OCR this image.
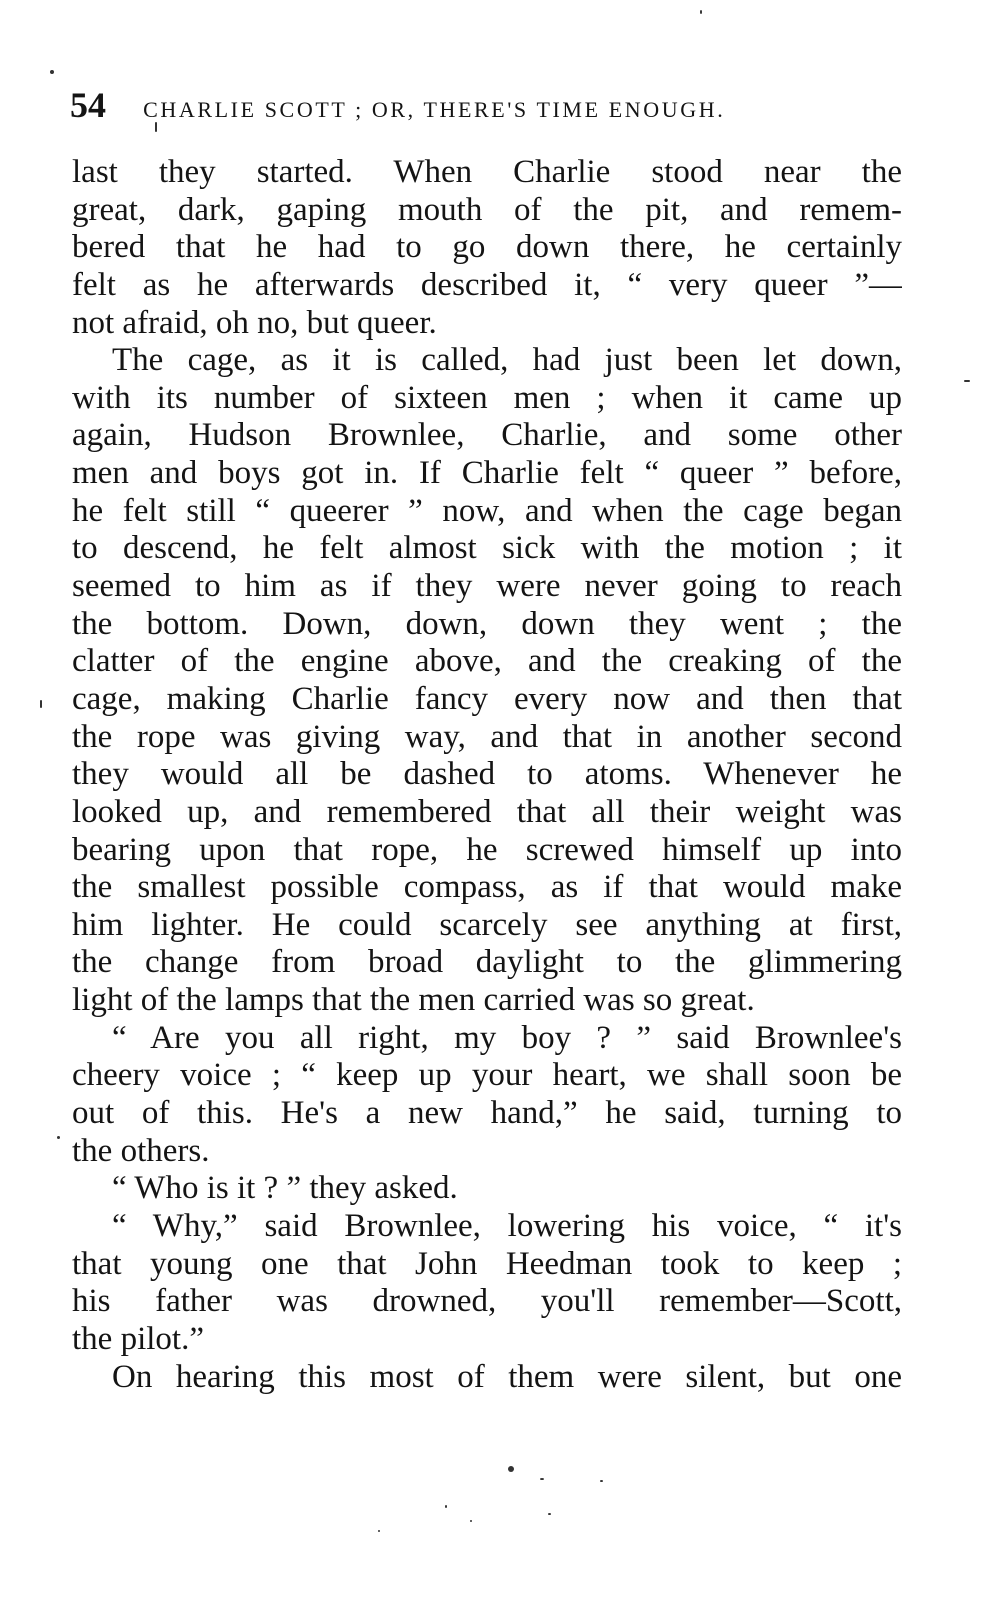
54 CHARLIE SCOTT ; OR, THERE'S TIME ENOUGH.
last they started. When Charlie stood near the
great, dark, gaping mouth of the pit, and remem-
bered that he had to go down there, he certainly
felt as he afterwards described it, “ very queer ”—
not afraid, oh no, but queer.
The cage, as it is called, had just been let down,
with its number of sixteen men ; when it came up
again, Hudson Brownlee, Charlie, and some other
men and boys got in. If Charlie felt “ queer ” before,
he felt still “ queerer ” now, and when the cage began
to descend, he felt almost sick with the motion ; it
seemed to him as if they were never going to reach
the bottom. Down, down, down they went ; the
clatter of the engine above, and the creaking of the
cage, making Charlie fancy every now and then that
the rope was giving way, and that in another second
they would all be dashed to atoms. Whenever he
looked up, and remembered that all their weight was
bearing upon that rope, he screwed himself up into
the smallest possible compass, as if that would make
him lighter. He could scarcely see anything at first,
the change from broad daylight to the glimmering
light of the lamps that the men carried was so great.
“ Are you all right, my boy ? ” said Brownlee's
cheery voice ; “ keep up your heart, we shall soon be
out of this. He's a new hand,” he said, turning to
the others.
“ Who is it ? ” they asked.
“ Why,” said Brownlee, lowering his voice, “ it's
that young one that John Heedman took to keep ;
his father was drowned, you'll remember—Scott,
the pilot.”
On hearing this most of them were silent, but one
